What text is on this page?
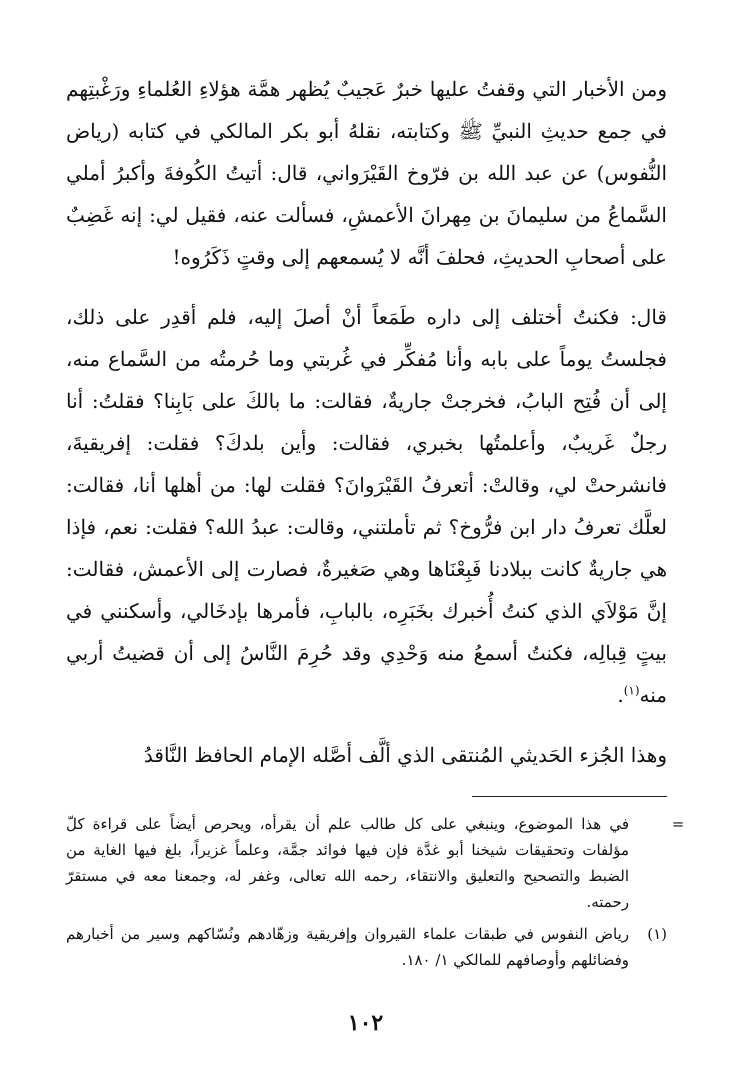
ومن الأخبار التي وقفتُ عليها خبرٌ عَجيبٌ يُظهر همَّة هؤلاءِ العُلماءِ ورَغْبتِهم في جمع حديثِ النبيِّ ﷺ وكتابته، نقلهُ أبو بكر المالكي في كتابه (رياض النُّفوس) عن عبد الله بن فرّوخ القَيْرَواني، قال: أتيتُ الكُوفةَ وأكبرُ أملي السَّماعُ من سليمانَ بن مِهرانَ الأعمشِ، فسألت عنه، فقيل لي: إنه غَضِبٌ على أصحابِ الحديثِ، فحلفَ أنَّه لا يُسمعهم إلى وقتٍ ذَكَرُوه!

قال: فكنتُ أختلف إلى داره طَمَعاً أنْ أصلَ إليه، فلم أقدِر على ذلك، فجلستُ يوماً على بابه وأنا مُفكِّر في غُربتي وما حُرمتُه من السَّماع منه، إلى أن فُتِح البابُ، فخرجتْ جاريةٌ، فقالت: ما بالكَ على بَابِنا؟ فقلتُ: أنا رجلٌ غَريبٌ، وأعلمتُها بخبري، فقالت: وأين بلدكَ؟ فقلت: إفريقيةَ، فانشرحتْ لي، وقالتْ: أتعرفُ القَيْرَوانَ؟ فقلت لها: من أهلها أنا، فقالت: لعلَّك تعرفُ دار ابن فرُّوخ؟ ثم تأملتني، وقالت: عبدُ الله؟ فقلت: نعم، فإذا هي جاريةٌ كانت ببلادنا فَبِعْنَاها وهي صَغيرةٌ، فصارت إلى الأعمش، فقالت: إنَّ مَوْلاَي الذي كنتُ أُخبرك بخَبَرِه، بالبابِ، فأمرها بإدخَالي، وأسكنني في بيتٍ قِبالِه، فكنتُ أسمعُ منه وَحْدِي وقد حُرِمَ النَّاسُ إلى أن قضيتُ أربي منه$^{(١)}$.

وهذا الجُزء الحَديثي المُنتقى الذي ألَّف أصَّله الإمام الحافظ النَّاقدُ

=
في هذا الموضوع، وينبغي على كل طالب علم أن يقرأه، ويحرص أيضاً على قراءة كلّ مؤلفات وتحقيقات شيخنا أبو غدَّة فإن فيها فوائد جمَّة، وعلماً غزيراً، بلغ فيها الغاية من الضبط والتصحيح والتعليق والانتقاء، رحمه الله تعالى، وغفر له، وجمعنا معه في مستقرّ رحمته.
(١)
رياض النفوس في طبقات علماء القيروان وإفريقية وزهّادهم ونُسّاكهم وسير من أخبارهم وفضائلهم وأوصافهم للمالكي ١/ ١٨٠.
١٠٢
